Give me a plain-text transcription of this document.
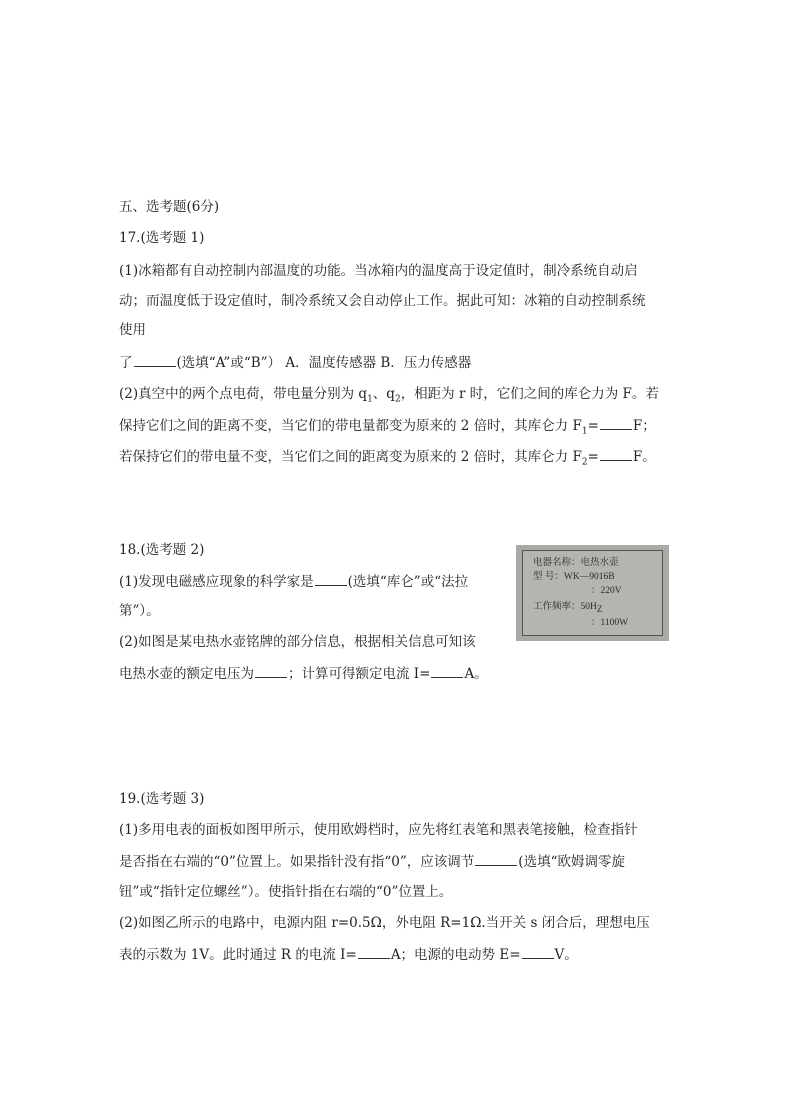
五、选考题(6分)
17.(选考题 1)
(1)冰箱都有自动控制内部温度的功能。当冰箱内的温度高于设定值时，制冷系统自动启
动；而温度低于设定值时，制冷系统又会自动停止工作。据此可知：冰箱的自动控制系统
使用
了	(选填“A”或“B”） A．温度传感器 B．压力传感器
(2)真空中的两个点电荷，带电量分别为 $q_1$、$q_2$，相距为 r 时，它们之间的库仑力为 F。若
保持它们之间的距离不变，当它们的带电量都变为原来的 2 倍时，其库仑力 $F_1=$	F；
若保持它们的带电量不变，当它们之间的距离变为原来的 2 倍时，其库仑力 $F_2=$	F。
18.(选考题 2)
(1)发现电磁感应现象的科学家是	(选填“库仑”或“法拉
第”）。
(2)如图是某电热水壶铭牌的部分信息，根据相关信息可知该
电热水壶的额定电压为	；计算可得额定电流 I=	A。
电器名称：电热水壶
型 号：WK—9016B
：220V
工作频率：$50H_Z$
：1100W
19.(选考题 3)
(1)多用电表的面板如图甲所示，使用欧姆档时，应先将红表笔和黑表笔接触，检查指针
是否指在右端的“0”位置上。如果指针没有指“0”，应该调节	(选填“欧姆调零旋
钮”或“指针定位螺丝”）。使指针指在右端的“0”位置上。
(2)如图乙所示的电路中，电源内阻 r=0.5Ω，外电阻 R=1Ω.当开关 s 闭合后，理想电压
表的示数为 1V。此时通过 R 的电流 I=	A；电源的电动势 E=	V。
